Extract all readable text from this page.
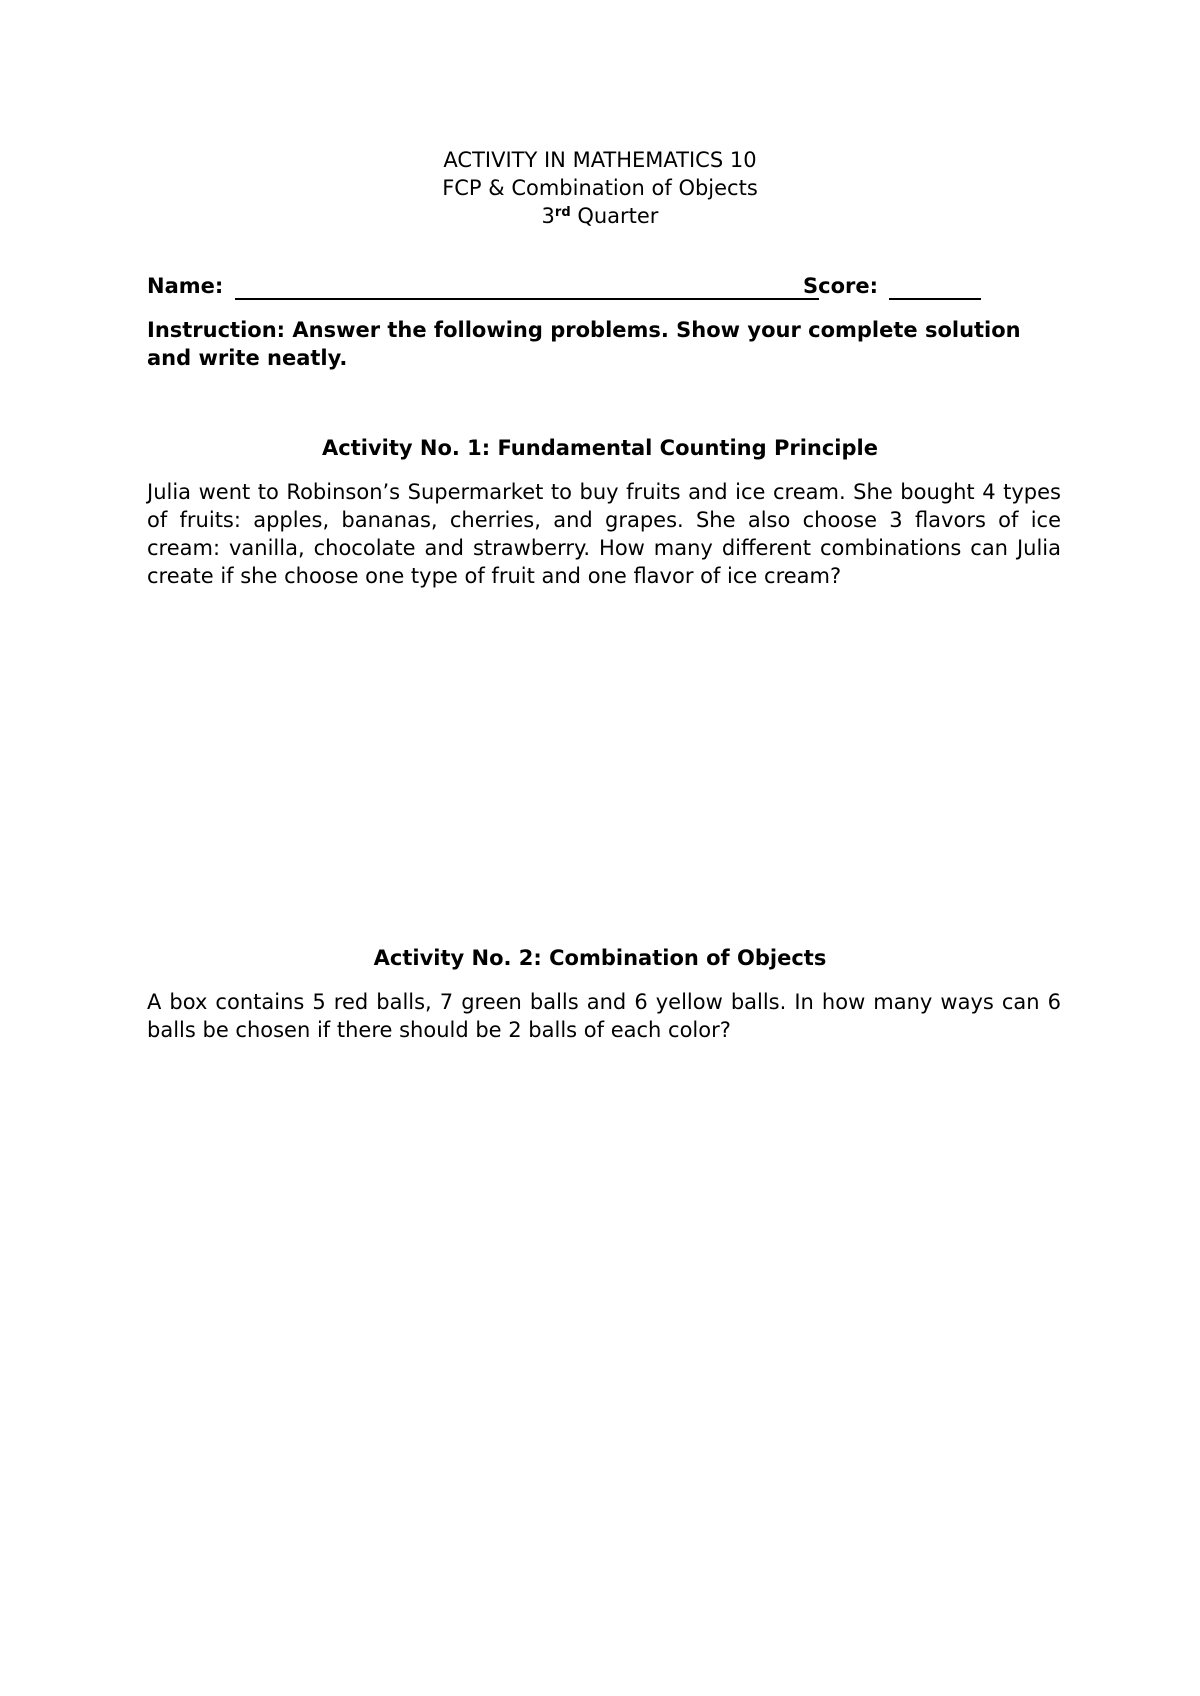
ACTIVITY IN MATHEMATICS 10
FCP & Combination of Objects
3rd Quarter
Name:	Score:
Instruction: Answer the following problems. Show your complete solution and write neatly.
Activity No. 1: Fundamental Counting Principle
Julia went to Robinson’s Supermarket to buy fruits and ice cream. She bought 4 types of fruits: apples, bananas, cherries, and grapes. She also choose 3 flavors of ice cream: vanilla, chocolate and strawberry. How many different combinations can Julia create if she choose one type of fruit and one flavor of ice cream?
Activity No. 2: Combination of Objects
A box contains 5 red balls, 7 green balls and 6 yellow balls. In how many ways can 6 balls be chosen if there should be 2 balls of each color?
